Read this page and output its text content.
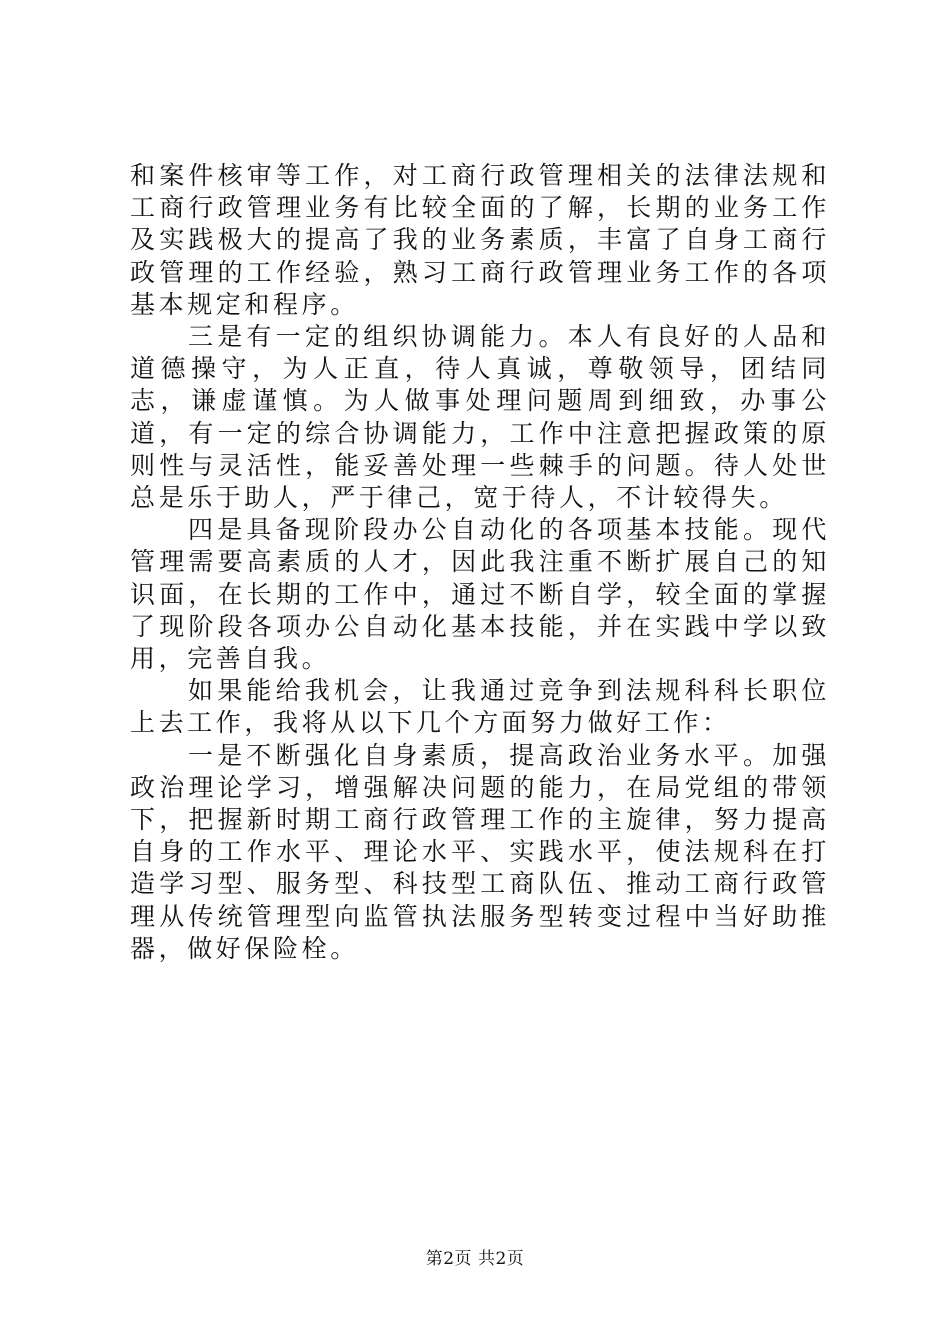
和案件核审等工作，对工商行政管理相关的法律法规和工商行政管理业务有比较全面的了解，长期的业务工作及实践极大的提高了我的业务素质，丰富了自身工商行政管理的工作经验，熟习工商行政管理业务工作的各项基本规定和程序。

三是有一定的组织协调能力。本人有良好的人品和道德操守，为人正直，待人真诚，尊敬领导，团结同志，谦虚谨慎。为人做事处理问题周到细致，办事公道，有一定的综合协调能力，工作中注意把握政策的原则性与灵活性，能妥善处理一些棘手的问题。待人处世总是乐于助人，严于律己，宽于待人，不计较得失。

四是具备现阶段办公自动化的各项基本技能。现代管理需要高素质的人才，因此我注重不断扩展自己的知识面，在长期的工作中，通过不断自学，较全面的掌握了现阶段各项办公自动化基本技能，并在实践中学以致用，完善自我。

如果能给我机会，让我通过竞争到法规科科长职位上去工作，我将从以下几个方面努力做好工作：

一是不断强化自身素质，提高政治业务水平。加强政治理论学习，增强解决问题的能力，在局党组的带领下，把握新时期工商行政管理工作的主旋律，努力提高自身的工作水平、理论水平、实践水平，使法规科在打造学习型、服务型、科技型工商队伍、推动工商行政管理从传统管理型向监管执法服务型转变过程中当好助推器，做好保险栓。

第2页 共2页
